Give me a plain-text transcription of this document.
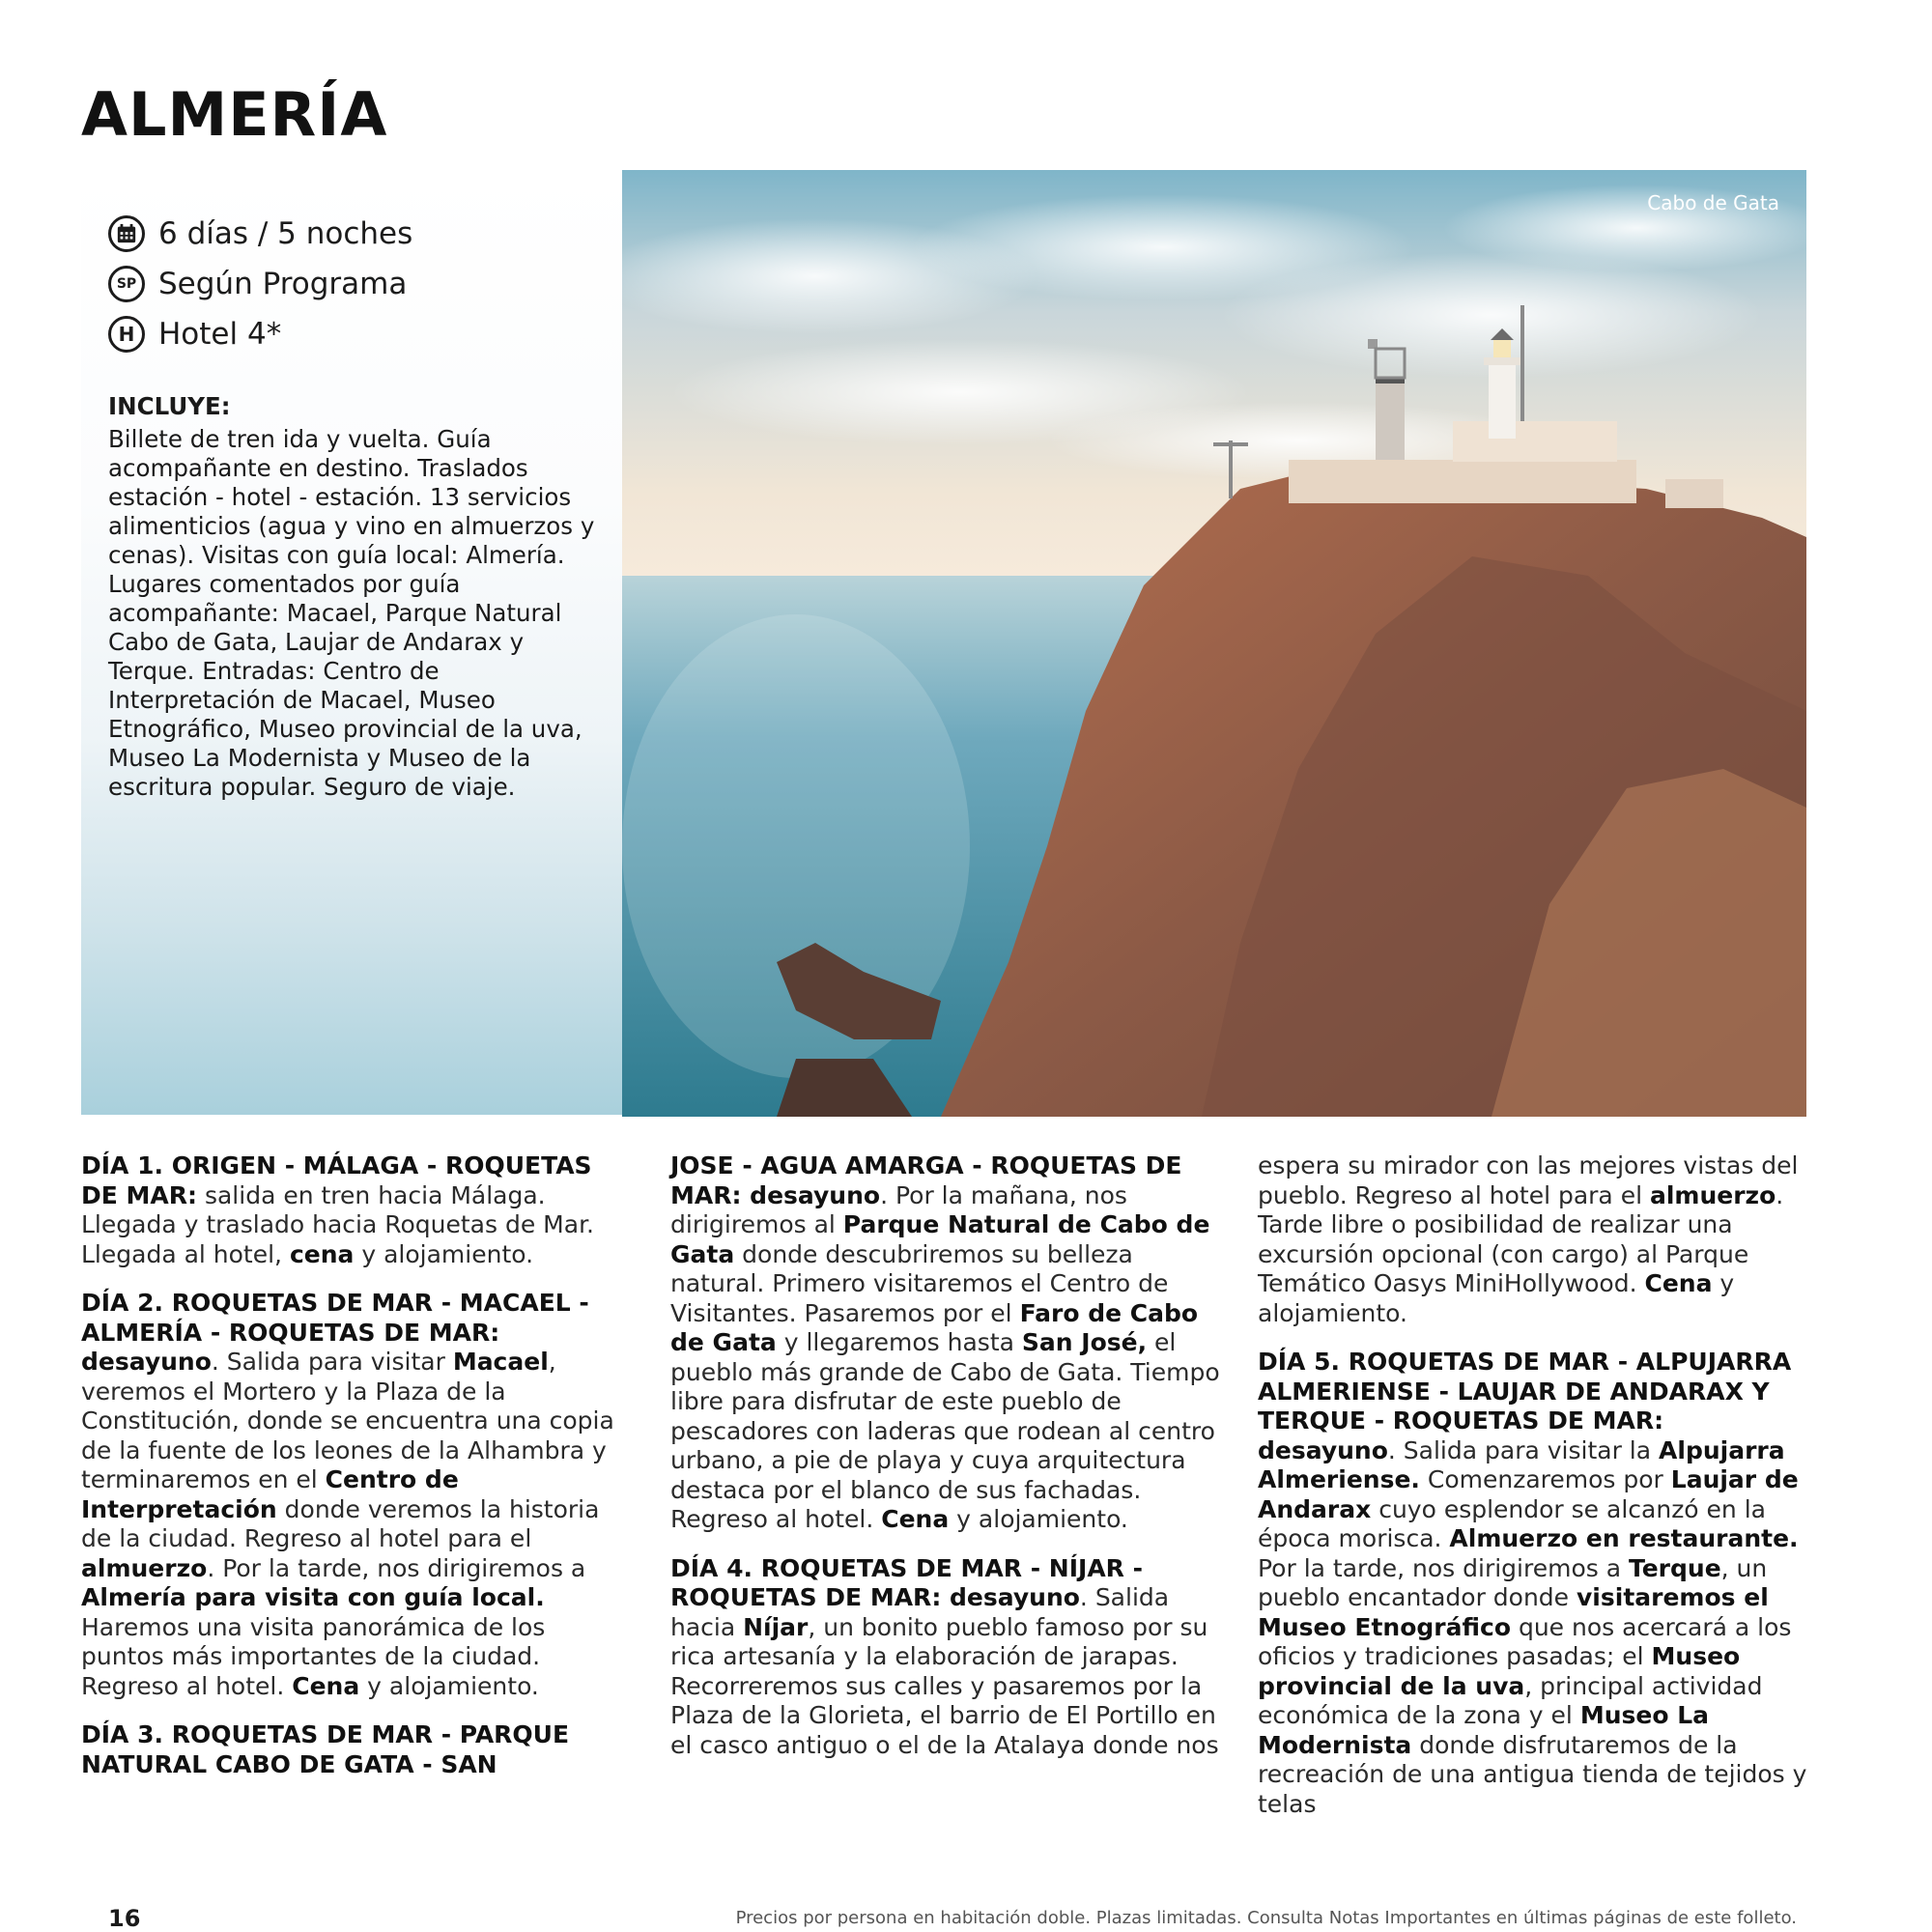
ALMERÍA
6 días / 5 noches
SP Según Programa
H Hotel 4*
INCLUYE:
Billete de tren ida y vuelta. Guía acompañante en destino. Traslados estación - hotel - estación. 13 servicios alimenticios (agua y vino en almuerzos y cenas). Visitas con guía local: Almería. Lugares comentados por guía acompañante: Macael, Parque Natural Cabo de Gata, Laujar de Andarax y Terque. Entradas: Centro de Interpretación de Macael, Museo Etnográfico, Museo provincial de la uva, Museo La Modernista y Museo de la escritura popular. Seguro de viaje.
Cabo de Gata

DÍA 1. ORIGEN - MÁLAGA - ROQUETAS DE MAR: salida en tren hacia Málaga. Llegada y traslado hacia Roquetas de Mar. Llegada al hotel, cena y alojamiento.

DÍA 2. ROQUETAS DE MAR - MACAEL - ALMERÍA - ROQUETAS DE MAR: desayuno. Salida para visitar Macael, veremos el Mortero y la Plaza de la Constitución, donde se encuentra una copia de la fuente de los leones de la Alhambra y terminaremos en el Centro de Interpretación donde veremos la historia de la ciudad. Regreso al hotel para el almuerzo. Por la tarde, nos dirigiremos a Almería para visita con guía local. Haremos una visita panorámica de los puntos más importantes de la ciudad. Regreso al hotel. Cena y alojamiento.

DÍA 3. ROQUETAS DE MAR - PARQUE NATURAL CABO DE GATA - SAN

JOSE - AGUA AMARGA - ROQUETAS DE MAR: desayuno. Por la mañana, nos dirigiremos al Parque Natural de Cabo de Gata donde descubriremos su belleza natural. Primero visitaremos el Centro de Visitantes. Pasaremos por el Faro de Cabo de Gata y llegaremos hasta San José, el pueblo más grande de Cabo de Gata. Tiempo libre para disfrutar de este pueblo de pescadores con laderas que rodean al centro urbano, a pie de playa y cuya arquitectura destaca por el blanco de sus fachadas. Regreso al hotel. Cena y alojamiento.

DÍA 4. ROQUETAS DE MAR - NÍJAR - ROQUETAS DE MAR: desayuno. Salida hacia Níjar, un bonito pueblo famoso por su rica artesanía y la elaboración de jarapas. Recorreremos sus calles y pasaremos por la Plaza de la Glorieta, el barrio de El Portillo en el casco antiguo o el de la Atalaya donde nos

espera su mirador con las mejores vistas del pueblo. Regreso al hotel para el almuerzo. Tarde libre o posibilidad de realizar una excursión opcional (con cargo) al Parque Temático Oasys MiniHollywood. Cena y alojamiento.

DÍA 5. ROQUETAS DE MAR - ALPUJARRA ALMERIENSE - LAUJAR DE ANDARAX Y TERQUE - ROQUETAS DE MAR: desayuno. Salida para visitar la Alpujarra Almeriense. Comenzaremos por Laujar de Andarax cuyo esplendor se alcanzó en la época morisca. Almuerzo en restaurante. Por la tarde, nos dirigiremos a Terque, un pueblo encantador donde visitaremos el Museo Etnográfico que nos acercará a los oficios y tradiciones pasadas; el Museo provincial de la uva, principal actividad económica de la zona y el Museo La Modernista donde disfrutaremos de la recreación de una antigua tienda de tejidos y telas

16	Precios por persona en habitación doble. Plazas limitadas. Consulta Notas Importantes en últimas páginas de este folleto.
